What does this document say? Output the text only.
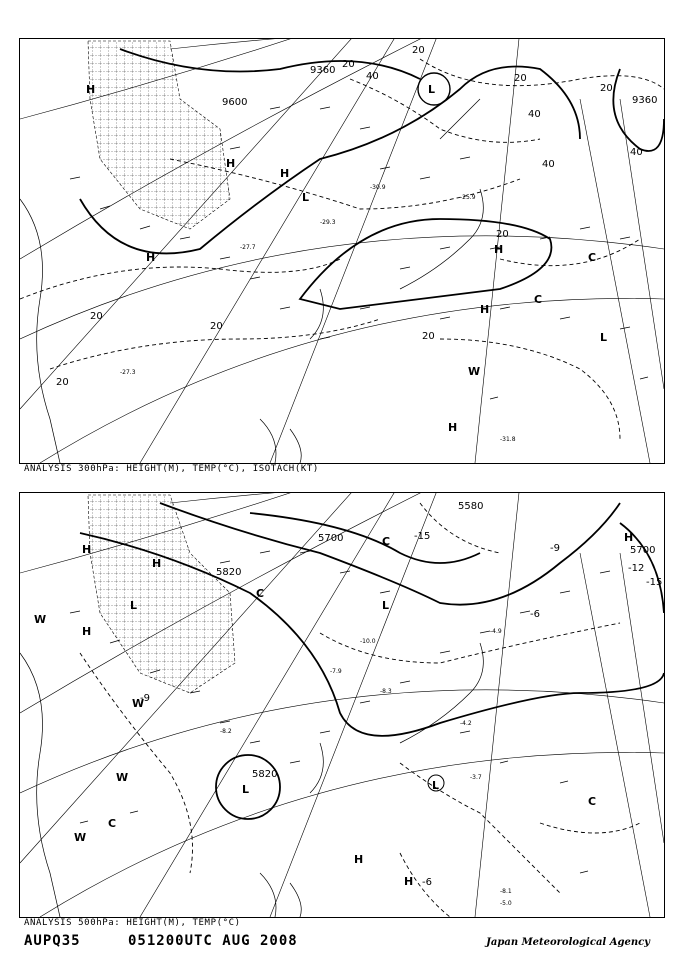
9360
9600	9360
20
40
20
40
20
20
40
20
40
20
20
20
20
-27.7
-29.3
-30.9
-31.8
-25.9
-27.3
H
H
H
L
L
H
H
H
C
C
W
H
L
ANALYSIS 300hPa: HEIGHT(M), TEMP(°C), ISOTACH(KT)
5580
5700
5820
5820
5700
-15
-15
-12
-6
-6
-9
-9
-10.0
-8.3
-7.9
-4.2
-3.7
-4.9
-8.1
-8.2
-5.0
H
H
W
H
L
C
W
W
H
H
L
L
C
H
C
W
L
C
ANALYSIS 500hPa: HEIGHT(M), TEMP(°C)
AUPQ35	051200UTC AUG 2008	Japan Meteorological Agency
